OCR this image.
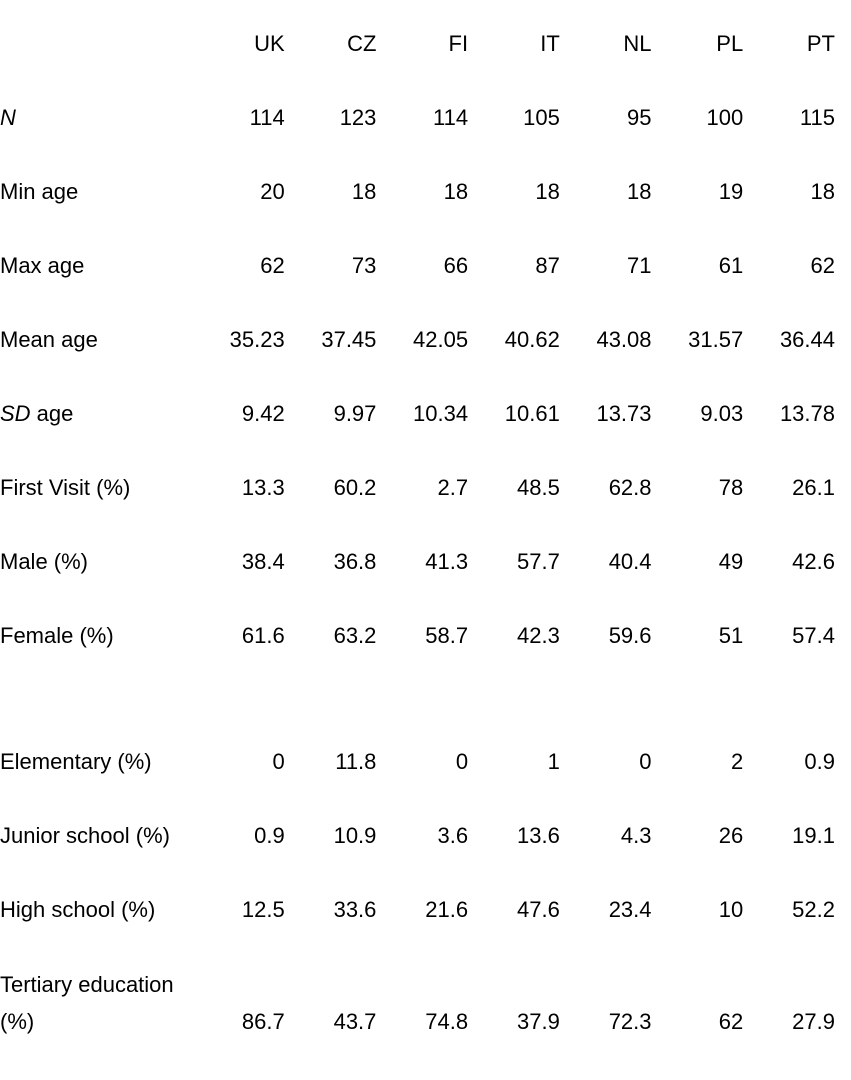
	UK	CZ	FI	IT	NL	PL	PT
N	114	123	114	105	95	100	115
Min age	20	18	18	18	18	19	18
Max age	62	73	66	87	71	61	62
Mean age	35.23	37.45	42.05	40.62	43.08	31.57	36.44
SD age	9.42	9.97	10.34	10.61	13.73	9.03	13.78
First Visit (%)	13.3	60.2	2.7	48.5	62.8	78	26.1
Male (%)	38.4	36.8	41.3	57.7	40.4	49	42.6
Female (%)	61.6	63.2	58.7	42.3	59.6	51	57.4

Elementary (%)	0	11.8	0	1	0	2	0.9
Junior school (%)	0.9	10.9	3.6	13.6	4.3	26	19.1
High school (%)	12.5	33.6	21.6	47.6	23.4	10	52.2

Tertiary education
(%)	86.7	43.7	74.8	37.9	72.3	62	27.9
